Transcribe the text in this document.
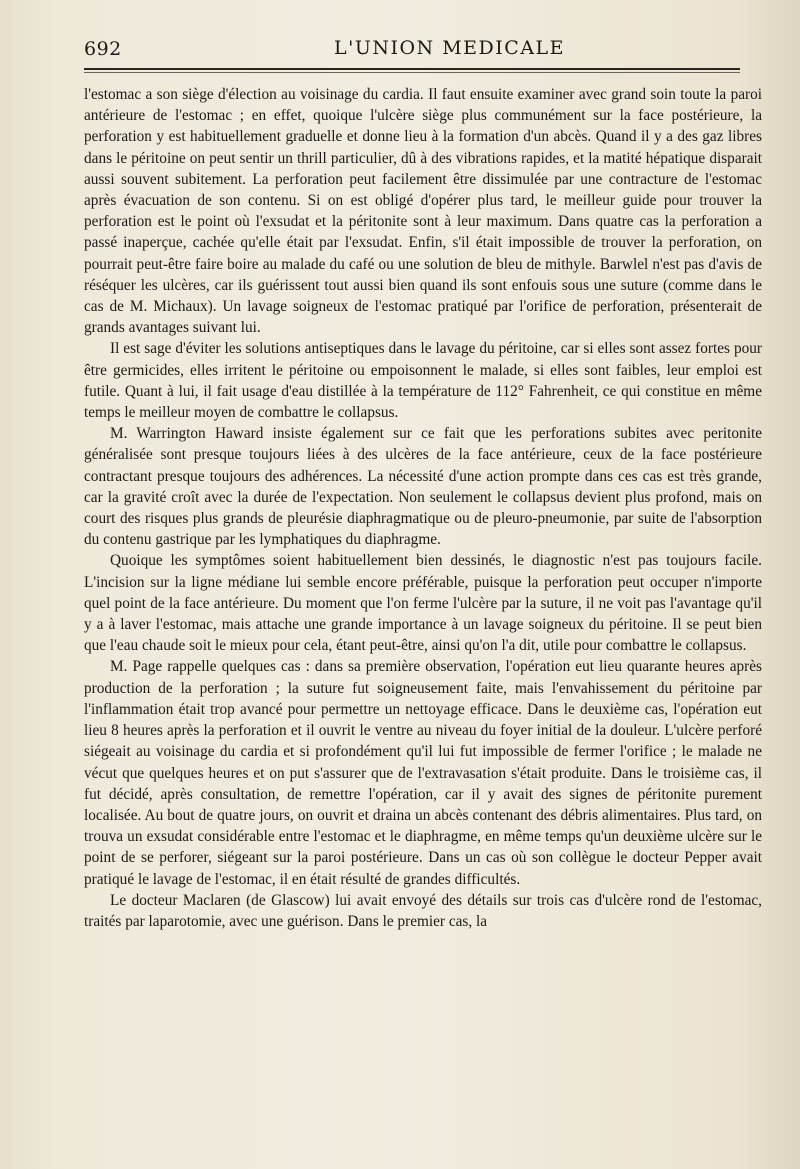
692	L'UNION MEDICALE

l'estomac a son siège d'élection au voisinage du cardia. Il faut ensuite examiner avec grand soin toute la paroi antérieure de l'estomac ; en effet, quoique l'ulcère siège plus communément sur la face postérieure, la perforation y est habituellement graduelle et donne lieu à la formation d'un abcès. Quand il y a des gaz libres dans le péritoine on peut sentir un thrill particulier, dû à des vibrations rapides, et la matité hépatique disparait aussi souvent subitement. La perforation peut facilement être dissimulée par une contracture de l'estomac après évacuation de son contenu. Si on est obligé d'opérer plus tard, le meilleur guide pour trouver la perforation est le point où l'exsudat et la péritonite sont à leur maximum. Dans quatre cas la perforation a passé inaperçue, cachée qu'elle était par l'exsudat. Enfin, s'il était impossible de trouver la perforation, on pourrait peut-être faire boire au malade du café ou une solution de bleu de mithyle. Barwlel n'est pas d'avis de réséquer les ulcères, car ils guérissent tout aussi bien quand ils sont enfouis sous une suture (comme dans le cas de M. Michaux). Un lavage soigneux de l'estomac pratiqué par l'orifice de perforation, présenterait de grands avantages suivant lui.

Il est sage d'éviter les solutions antiseptiques dans le lavage du péritoine, car si elles sont assez fortes pour être germicides, elles irritent le péritoine ou empoisonnent le malade, si elles sont faibles, leur emploi est futile. Quant à lui, il fait usage d'eau distillée à la température de 112° Fahrenheit, ce qui constitue en même temps le meilleur moyen de combattre le collapsus.

M. Warrington Haward insiste également sur ce fait que les perforations subites avec peritonite généralisée sont presque toujours liées à des ulcères de la face antérieure, ceux de la face postérieure contractant presque toujours des adhérences. La nécessité d'une action prompte dans ces cas est très grande, car la gravité croît avec la durée de l'expectation. Non seulement le collapsus devient plus profond, mais on court des risques plus grands de pleurésie diaphragmatique ou de pleuro-pneumonie, par suite de l'absorption du contenu gastrique par les lymphatiques du diaphragme.

Quoique les symptômes soient habituellement bien dessinés, le diagnostic n'est pas toujours facile. L'incision sur la ligne médiane lui semble encore préférable, puisque la perforation peut occuper n'importe quel point de la face antérieure. Du moment que l'on ferme l'ulcère par la suture, il ne voit pas l'avantage qu'il y a à laver l'estomac, mais attache une grande importance à un lavage soigneux du péritoine. Il se peut bien que l'eau chaude soit le mieux pour cela, étant peut-être, ainsi qu'on l'a dit, utile pour combattre le collapsus.

M. Page rappelle quelques cas : dans sa première observation, l'opération eut lieu quarante heures après production de la perforation ; la suture fut soigneusement faite, mais l'envahissement du péritoine par l'inflammation était trop avancé pour permettre un nettoyage efficace. Dans le deuxième cas, l'opération eut lieu 8 heures après la perforation et il ouvrit le ventre au niveau du foyer initial de la douleur. L'ulcère perforé siégeait au voisinage du cardia et si profondément qu'il lui fut impossible de fermer l'orifice ; le malade ne vécut que quelques heures et on put s'assurer que de l'extravasation s'était produite. Dans le troisième cas, il fut décidé, après consultation, de remettre l'opération, car il y avait des signes de péritonite purement localisée. Au bout de quatre jours, on ouvrit et draina un abcès contenant des débris alimentaires. Plus tard, on trouva un exsudat considérable entre l'estomac et le diaphragme, en même temps qu'un deuxième ulcère sur le point de se perforer, siégeant sur la paroi postérieure. Dans un cas où son collègue le docteur Pepper avait pratiqué le lavage de l'estomac, il en était résulté de grandes difficultés.

Le docteur Maclaren (de Glascow) lui avait envoyé des détails sur trois cas d'ulcère rond de l'estomac, traités par laparotomie, avec une guérison. Dans le premier cas, la
